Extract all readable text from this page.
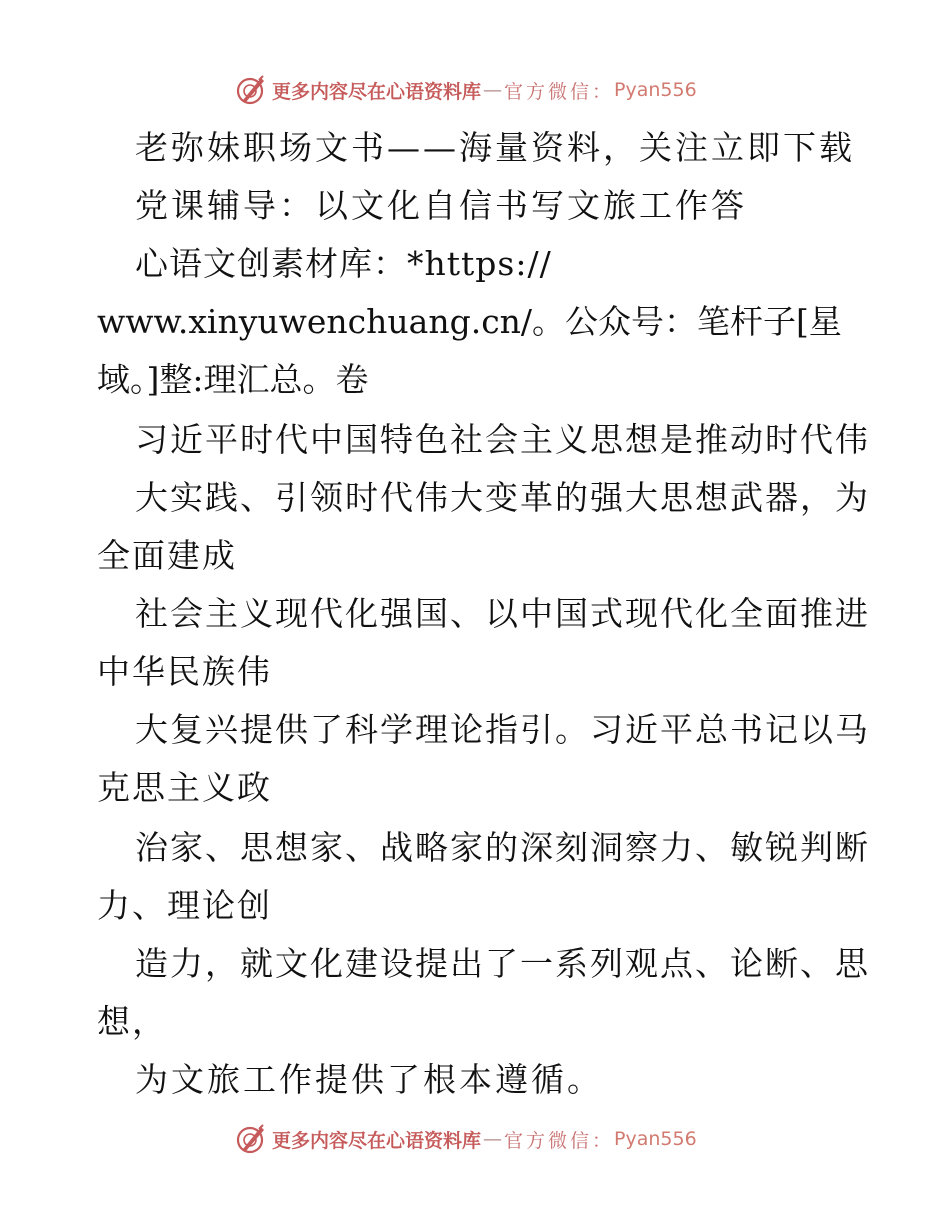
更多内容尽在心语资料库 — 官方微信： Pyan556
老弥妹职场文书——海量资料，关注立即下载
党课辅导：以文化自信书写文旅工作答
心语文创素材库：*https://
www.xinyuwenchuang.cn/。公众号：笔杆子[星
域。]整:理汇总。卷
习近平时代中国特色社会主义思想是推动时代伟
大实践、引领时代伟大变革的强大思想武器，为
全面建成
社会主义现代化强国、以中国式现代化全面推进
中华民族伟
大复兴提供了科学理论指引。习近平总书记以马
克思主义政
治家、思想家、战略家的深刻洞察力、敏锐判断
力、理论创
造力，就文化建设提出了一系列观点、论断、思
想，
为文旅工作提供了根本遵循。
更多内容尽在心语资料库 — 官方微信： Pyan556
